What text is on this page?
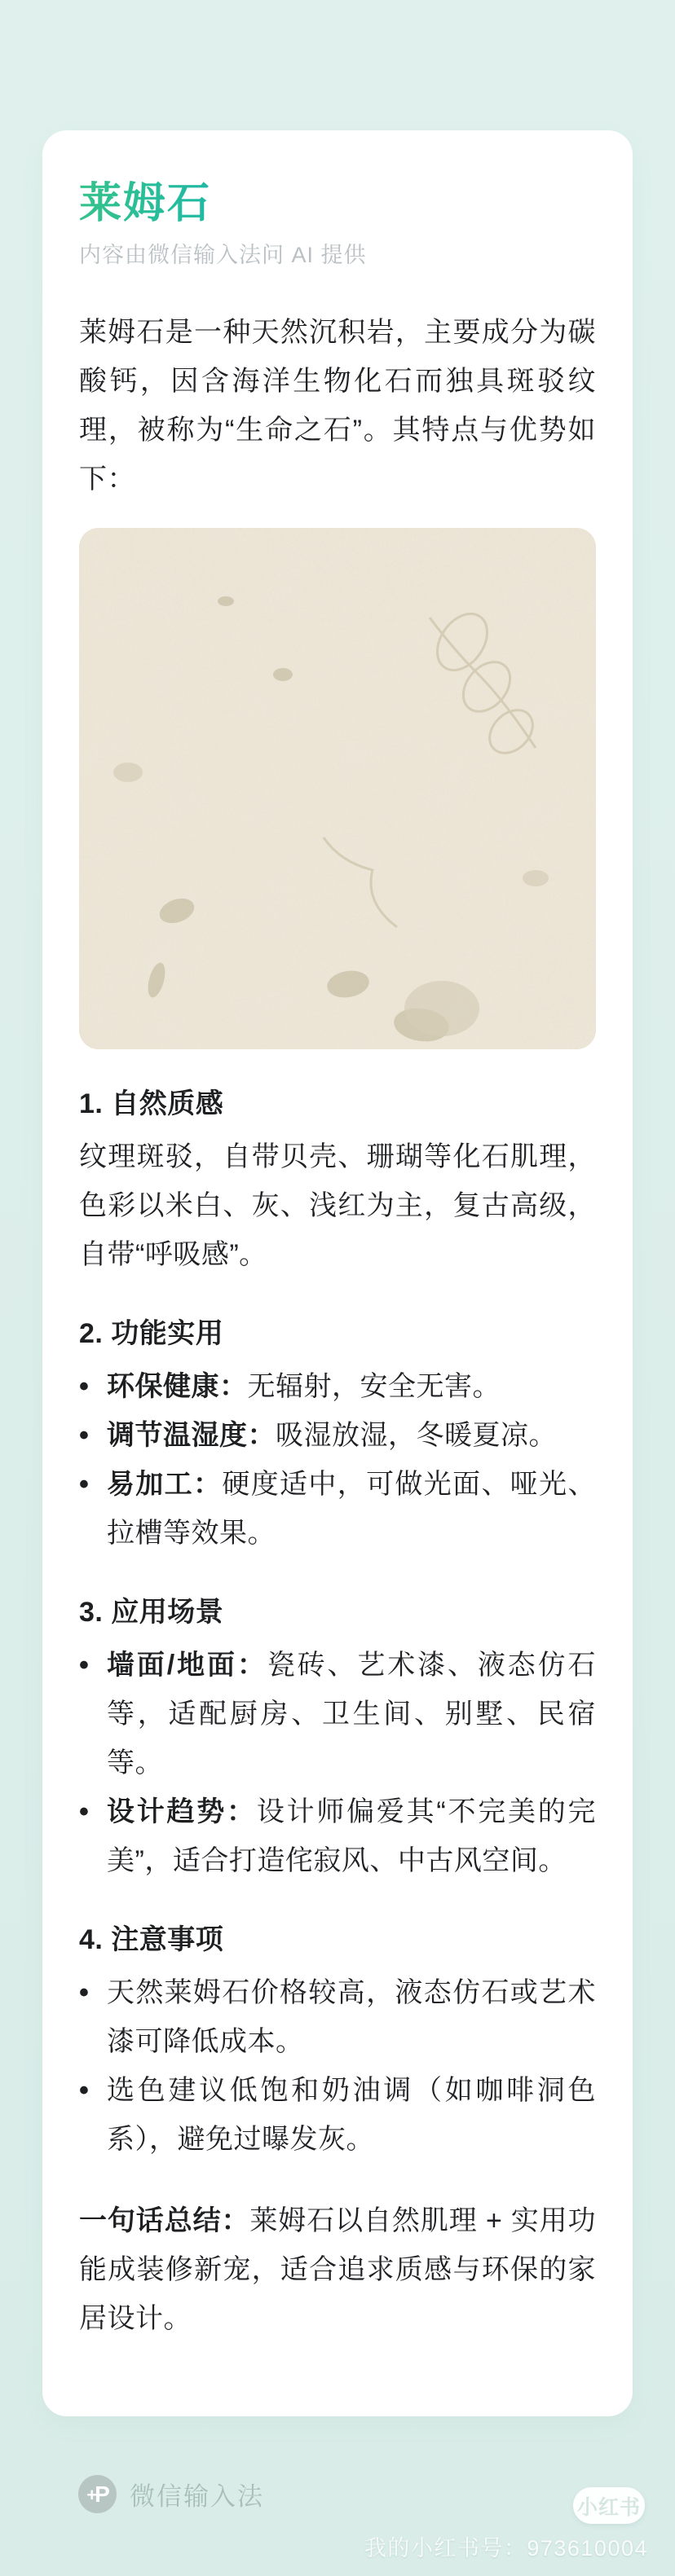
莱姆石
内容由微信输入法问 AI 提供
莱姆石是一种天然沉积岩，主要成分为碳酸钙，因含海洋生物化石而独具斑驳纹理，被称为“生命之石”。其特点与优势如下：
1. 自然质感
纹理斑驳，自带贝壳、珊瑚等化石肌理，色彩以米白、灰、浅红为主，复古高级，自带“呼吸感”。
2. 功能实用
• 环保健康：无辐射，安全无害。
• 调节温湿度：吸湿放湿，冬暖夏凉。
• 易加工：硬度适中，可做光面、哑光、拉槽等效果。
3. 应用场景
• 墙面/地面：瓷砖、艺术漆、液态仿石等，适配厨房、卫生间、别墅、民宿等。
• 设计趋势：设计师偏爱其“不完美的完美”，适合打造侘寂风、中古风空间。
4. 注意事项
• 天然莱姆石价格较高，液态仿石或艺术漆可降低成本。
• 选色建议低饱和奶油调（如咖啡洞色系），避免过曝发灰。
一句话总结：莱姆石以自然肌理 + 实用功能成装修新宠，适合追求质感与环保的家居设计。
+ P 微信输入法	小红书
我的小红书号：973610004
